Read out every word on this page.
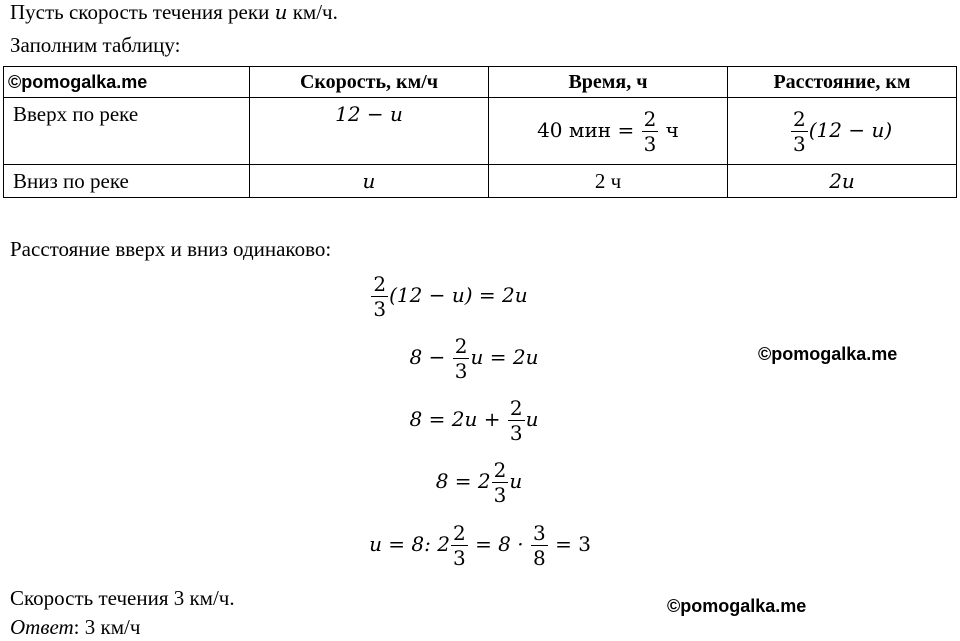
Пусть скорость течения реки u км/ч.
Заполним таблицу:
©pomogalka.me	Скорость, км/ч	Время, ч	Расстояние, км
Вверх по реке	12 − u	40 мин = $\frac{2}{3}$ ч	$\frac{2}{3} (12 - u)$
Вниз по реке	u	2 ч	2u
Расстояние вверх и вниз одинаково:
©pomogalka.me
$\frac{2}{3} (12 - u) = 2u$
$8 - \frac{2}{3}$ u = 2u
$8 = 2u + \frac{2}{3}$ u
$8 = 2 \frac{2}{3}$ u
u = 8: $2 \frac{2}{3} = 8 \cdot \frac{3}{8} = 3$
Скорость течения 3 км/ч.	©pomogalka.me
Ответ: 3 км/ч
